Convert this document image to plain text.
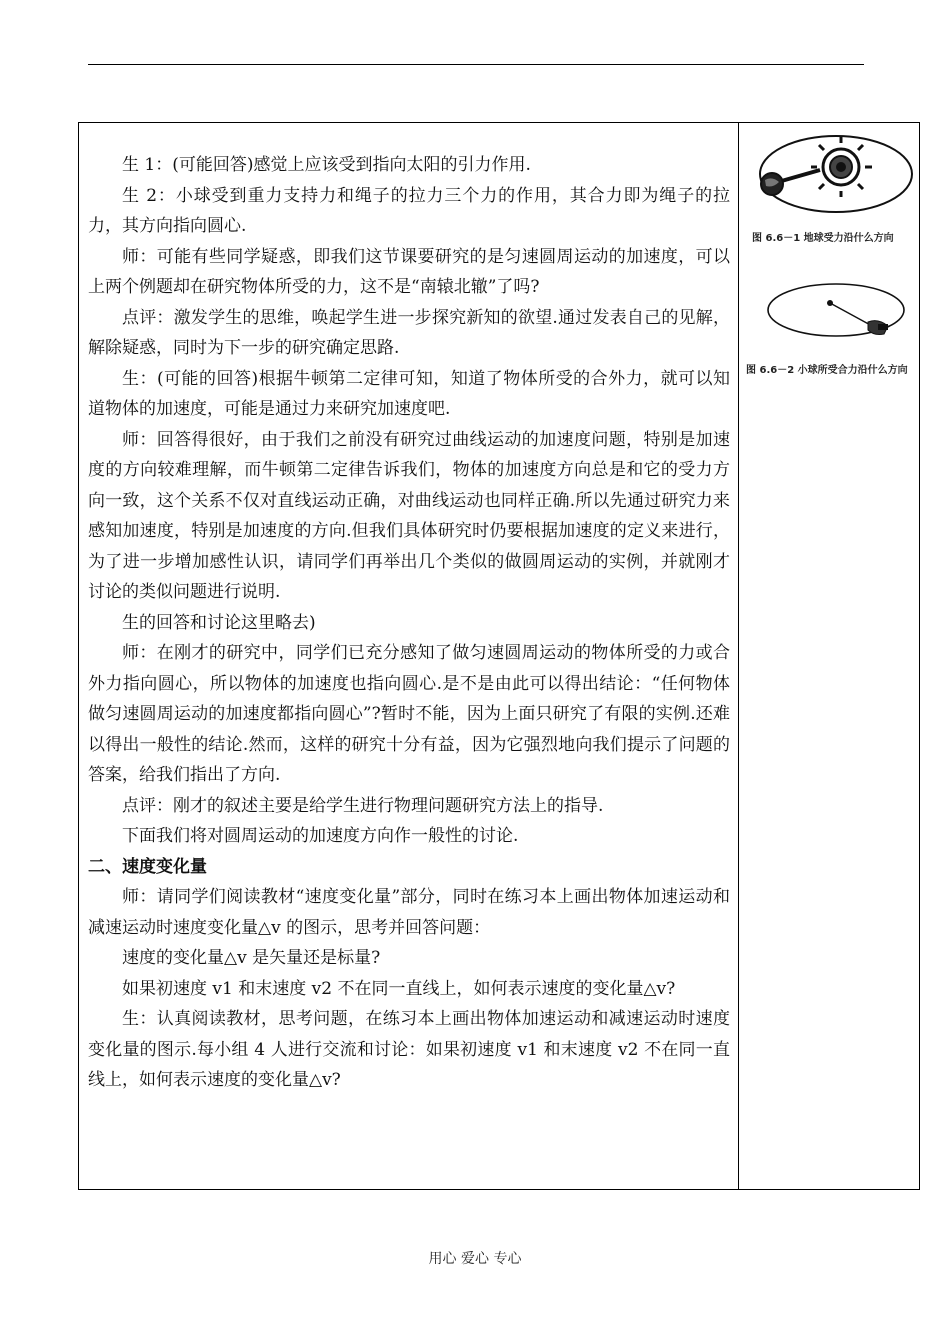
生 1：(可能回答)感觉上应该受到指向太阳的引力作用.

生 2：小球受到重力支持力和绳子的拉力三个力的作用，其合力即为绳子的拉力，其方向指向圆心.

师：可能有些同学疑惑，即我们这节课要研究的是匀速圆周运动的加速度，可以上两个例题却在研究物体所受的力，这不是“南辕北辙”了吗?

点评：激发学生的思维，唤起学生进一步探究新知的欲望.通过发表自己的见解，解除疑惑，同时为下一步的研究确定思路.

生：(可能的回答)根据牛顿第二定律可知，知道了物体所受的合外力，就可以知道物体的加速度，可能是通过力来研究加速度吧.

师：回答得很好，由于我们之前没有研究过曲线运动的加速度问题，特别是加速度的方向较难理解，而牛顿第二定律告诉我们，物体的加速度方向总是和它的受力方向一致，这个关系不仅对直线运动正确，对曲线运动也同样正确.所以先通过研究力来感知加速度，特别是加速度的方向.但我们具体研究时仍要根据加速度的定义来进行，为了进一步增加感性认识，请同学们再举出几个类似的做圆周运动的实例，并就刚才讨论的类似问题进行说明.

生的回答和讨论这里略去)

师：在刚才的研究中，同学们已充分感知了做匀速圆周运动的物体所受的力或合外力指向圆心，所以物体的加速度也指向圆心.是不是由此可以得出结论：“任何物体做匀速圆周运动的加速度都指向圆心”?暂时不能，因为上面只研究了有限的实例.还难以得出一般性的结论.然而，这样的研究十分有益，因为它强烈地向我们提示了问题的答案，给我们指出了方向.

点评：刚才的叙述主要是给学生进行物理问题研究方法上的指导.

下面我们将对圆周运动的加速度方向作一般性的讨论.

二、速度变化量

师：请同学们阅读教材“速度变化量”部分，同时在练习本上画出物体加速运动和减速运动时速度变化量△v 的图示，思考并回答问题：

速度的变化量△v 是矢量还是标量?

如果初速度 v1 和末速度 v2 不在同一直线上，如何表示速度的变化量△v?

生：认真阅读教材，思考问题，在练习本上画出物体加速运动和减速运动时速度变化量的图示.每小组 4 人进行交流和讨论：如果初速度 v1 和末速度 v2 不在同一直线上，如何表示速度的变化量△v?

图 6.6－1 地球受力沿什么方向
图 6.6－2 小球所受合力沿什么方向
用心 爱心 专心
